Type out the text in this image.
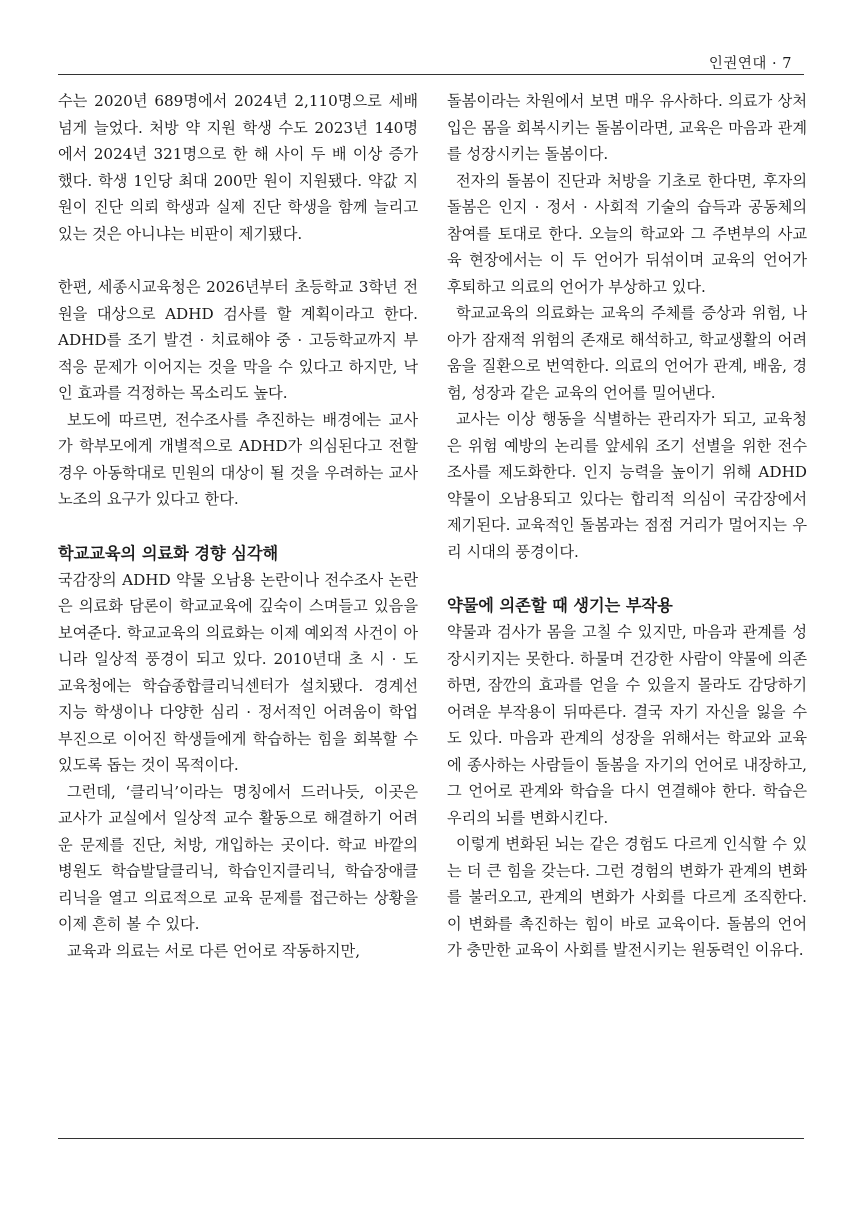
인권연대 · 7

수는 2020년 689명에서 2024년 2,110명으로 세배 넘게 늘었다. 처방 약 지원 학생 수도 2023년 140명에서 2024년 321명으로 한 해 사이 두 배 이상 증가했다. 학생 1인당 최대 200만 원이 지원됐다. 약값 지원이 진단 의뢰 학생과 실제 진단 학생을 함께 늘리고 있는 것은 아니냐는 비판이 제기됐다.

한편, 세종시교육청은 2026년부터 초등학교 3학년 전원을 대상으로 ADHD 검사를 할 계획이라고 한다. ADHD를 조기 발견 · 치료해야 중 · 고등학교까지 부적응 문제가 이어지는 것을 막을 수 있다고 하지만, 낙인 효과를 걱정하는 목소리도 높다.

보도에 따르면, 전수조사를 추진하는 배경에는 교사가 학부모에게 개별적으로 ADHD가 의심된다고 전할 경우 아동학대로 민원의 대상이 될 것을 우려하는 교사노조의 요구가 있다고 한다.

학교교육의 의료화 경향 심각해

국감장의 ADHD 약물 오남용 논란이나 전수조사 논란은 의료화 담론이 학교교육에 깊숙이 스며들고 있음을 보여준다. 학교교육의 의료화는 이제 예외적 사건이 아니라 일상적 풍경이 되고 있다. 2010년대 초 시 · 도 교육청에는 학습종합클리닉센터가 설치됐다. 경계선 지능 학생이나 다양한 심리 · 정서적인 어려움이 학업 부진으로 이어진 학생들에게 학습하는 힘을 회복할 수 있도록 돕는 것이 목적이다.

그런데, ‘클리닉’이라는 명칭에서 드러나듯, 이곳은 교사가 교실에서 일상적 교수 활동으로 해결하기 어려운 문제를 진단, 처방, 개입하는 곳이다. 학교 바깥의 병원도 학습발달클리닉, 학습인지클리닉, 학습장애클리닉을 열고 의료적으로 교육 문제를 접근하는 상황을 이제 흔히 볼 수 있다.

교육과 의료는 서로 다른 언어로 작동하지만,

돌봄이라는 차원에서 보면 매우 유사하다. 의료가 상처 입은 몸을 회복시키는 돌봄이라면, 교육은 마음과 관계를 성장시키는 돌봄이다.

전자의 돌봄이 진단과 처방을 기초로 한다면, 후자의 돌봄은 인지 · 정서 · 사회적 기술의 습득과 공동체의 참여를 토대로 한다. 오늘의 학교와 그 주변부의 사교육 현장에서는 이 두 언어가 뒤섞이며 교육의 언어가 후퇴하고 의료의 언어가 부상하고 있다.

학교교육의 의료화는 교육의 주체를 증상과 위험, 나아가 잠재적 위험의 존재로 해석하고, 학교생활의 어려움을 질환으로 번역한다. 의료의 언어가 관계, 배움, 경험, 성장과 같은 교육의 언어를 밀어낸다.

교사는 이상 행동을 식별하는 관리자가 되고, 교육청은 위험 예방의 논리를 앞세워 조기 선별을 위한 전수조사를 제도화한다. 인지 능력을 높이기 위해 ADHD 약물이 오남용되고 있다는 합리적 의심이 국감장에서 제기된다. 교육적인 돌봄과는 점점 거리가 멀어지는 우리 시대의 풍경이다.

약물에 의존할 때 생기는 부작용

약물과 검사가 몸을 고칠 수 있지만, 마음과 관계를 성장시키지는 못한다. 하물며 건강한 사람이 약물에 의존하면, 잠깐의 효과를 얻을 수 있을지 몰라도 감당하기 어려운 부작용이 뒤따른다. 결국 자기 자신을 잃을 수도 있다. 마음과 관계의 성장을 위해서는 학교와 교육에 종사하는 사람들이 돌봄을 자기의 언어로 내장하고, 그 언어로 관계와 학습을 다시 연결해야 한다. 학습은 우리의 뇌를 변화시킨다.

이렇게 변화된 뇌는 같은 경험도 다르게 인식할 수 있는 더 큰 힘을 갖는다. 그런 경험의 변화가 관계의 변화를 불러오고, 관계의 변화가 사회를 다르게 조직한다. 이 변화를 촉진하는 힘이 바로 교육이다. 돌봄의 언어가 충만한 교육이 사회를 발전시키는 원동력인 이유다.
